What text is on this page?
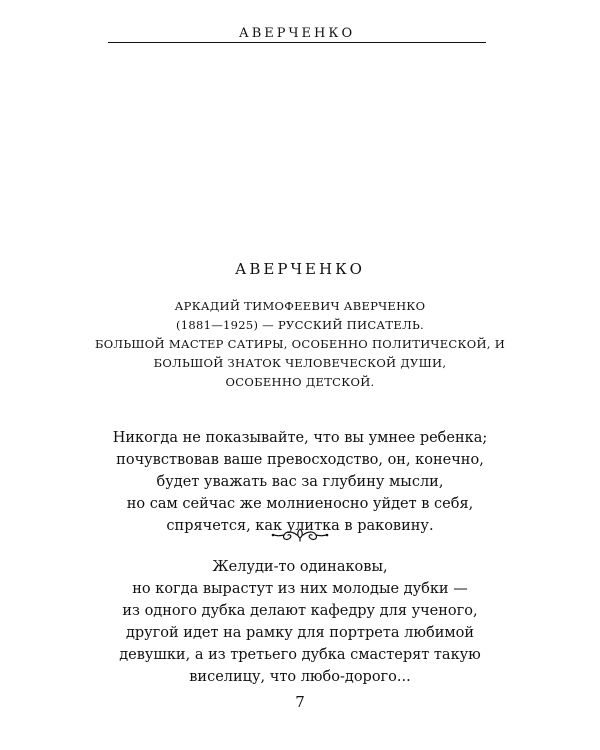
АВЕРЧЕНКО
АВЕРЧЕНКО
АРКАДИЙ ТИМОФЕЕВИЧ АВЕРЧЕНКО
(1881—1925) — РУССКИЙ ПИСАТЕЛЬ.
БОЛЬШОЙ МАСТЕР САТИРЫ, ОСОБЕННО ПОЛИТИЧЕСКОЙ, И
БОЛЬШОЙ ЗНАТОК ЧЕЛОВЕЧЕСКОЙ ДУШИ,
ОСОБЕННО ДЕТСКОЙ.
Никогда не показывайте, что вы умнее ребенка;
почувствовав ваше превосходство, он, конечно,
будет уважать вас за глубину мысли,
но сам сейчас же молниеносно уйдет в себя,
спрячется, как улитка в раковину.
Желуди-то одинаковы,
но когда вырастут из них молодые дубки —
из одного дубка делают кафедру для ученого,
другой идет на рамку для портрета любимой
девушки, а из третьего дубка смастерят такую
виселицу, что любо-дорого...
7
